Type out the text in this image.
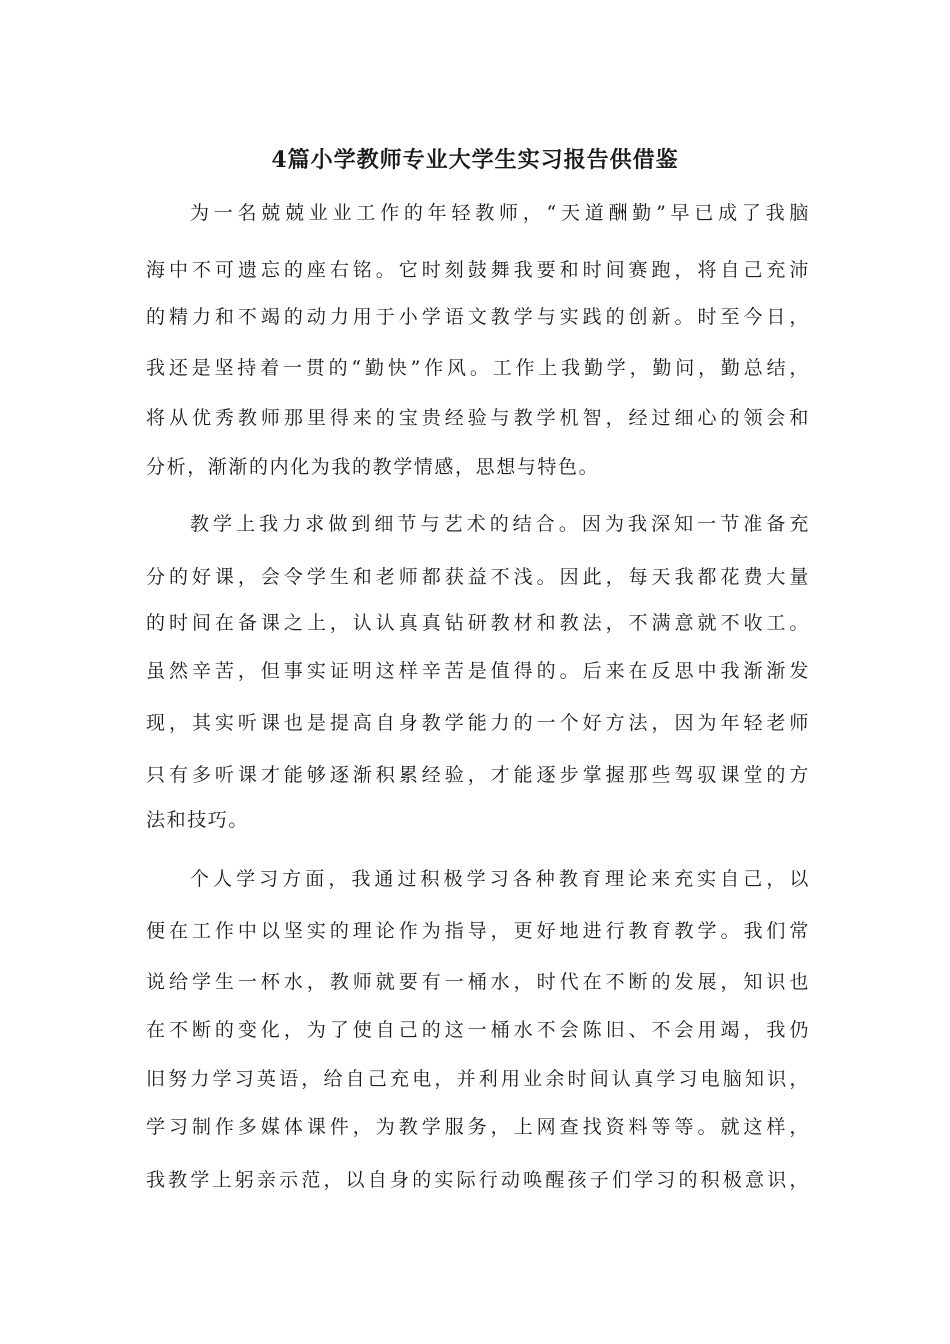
4篇小学教师专业大学生实习报告供借鉴
为一名兢兢业业工作的年轻教师，“天道酬勤”早已成了我脑
海中不可遗忘的座右铭。它时刻鼓舞我要和时间赛跑，将自己充沛
的精力和不竭的动力用于小学语文教学与实践的创新。时至今日，
我还是坚持着一贯的“勤快”作风。工作上我勤学，勤问，勤总结，
将从优秀教师那里得来的宝贵经验与教学机智，经过细心的领会和
分析，渐渐的内化为我的教学情感，思想与特色。
教学上我力求做到细节与艺术的结合。因为我深知一节准备充
分的好课，会令学生和老师都获益不浅。因此，每天我都花费大量
的时间在备课之上，认认真真钻研教材和教法，不满意就不收工。
虽然辛苦，但事实证明这样辛苦是值得的。后来在反思中我渐渐发
现，其实听课也是提高自身教学能力的一个好方法，因为年轻老师
只有多听课才能够逐渐积累经验，才能逐步掌握那些驾驭课堂的方
法和技巧。
个人学习方面，我通过积极学习各种教育理论来充实自己，以
便在工作中以坚实的理论作为指导，更好地进行教育教学。我们常
说给学生一杯水，教师就要有一桶水，时代在不断的发展，知识也
在不断的变化，为了使自己的这一桶水不会陈旧、不会用竭，我仍
旧努力学习英语，给自己充电，并利用业余时间认真学习电脑知识，
学习制作多媒体课件，为教学服务，上网查找资料等等。就这样，
我教学上躬亲示范，以自身的实际行动唤醒孩子们学习的积极意识，
